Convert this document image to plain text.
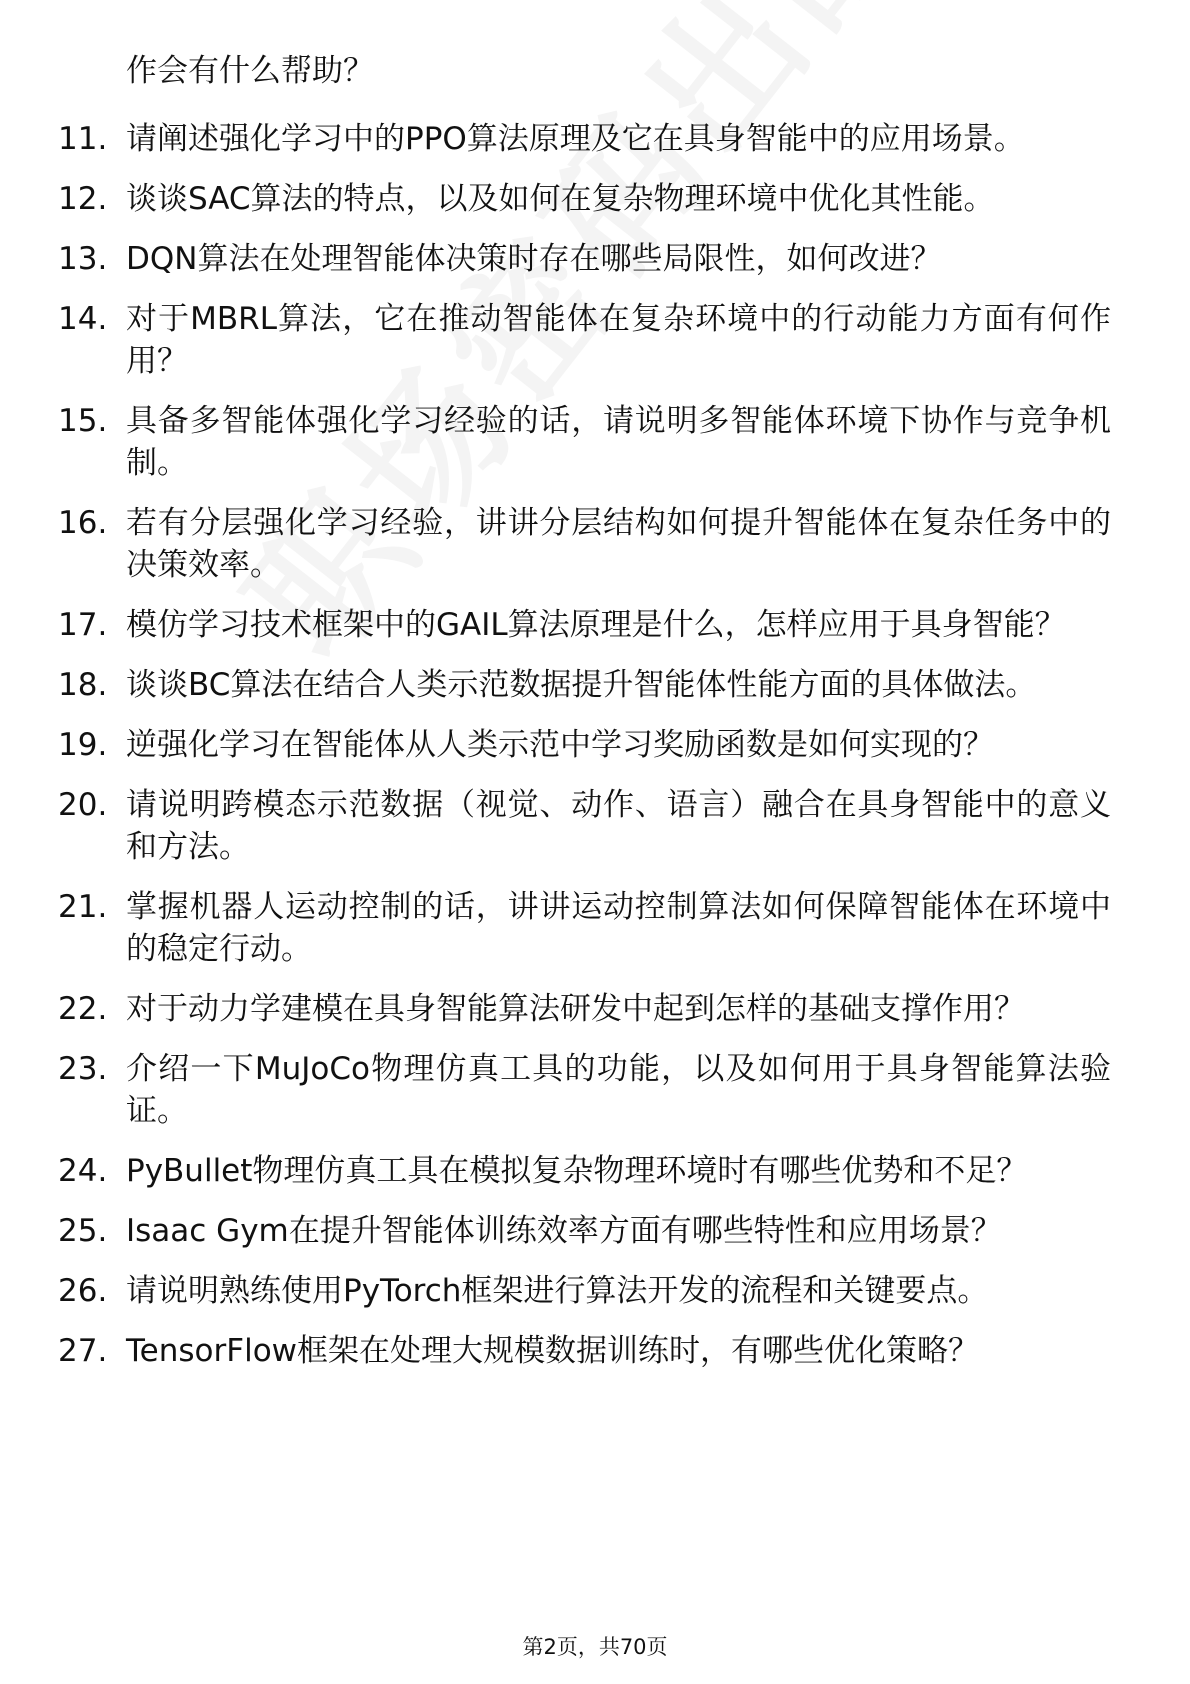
作会有什么帮助？
11. 请阐述强化学习中的PPO算法原理及它在具身智能中的应用场景。
12. 谈谈SAC算法的特点，以及如何在复杂物理环境中优化其性能。
13. DQN算法在处理智能体决策时存在哪些局限性，如何改进？
14. 对于MBRL算法，它在推动智能体在复杂环境中的行动能力方面有何作用？
15. 具备多智能体强化学习经验的话，请说明多智能体环境下协作与竞争机制。
16. 若有分层强化学习经验，讲讲分层结构如何提升智能体在复杂任务中的决策效率。
17. 模仿学习技术框架中的GAIL算法原理是什么，怎样应用于具身智能？
18. 谈谈BC算法在结合人类示范数据提升智能体性能方面的具体做法。
19. 逆强化学习在智能体从人类示范中学习奖励函数是如何实现的？
20. 请说明跨模态示范数据（视觉、动作、语言）融合在具身智能中的意义和方法。
21. 掌握机器人运动控制的话，讲讲运动控制算法如何保障智能体在环境中的稳定行动。
22. 对于动力学建模在具身智能算法研发中起到怎样的基础支撑作用？
23. 介绍一下MuJoCo物理仿真工具的功能，以及如何用于具身智能算法验证。
24. PyBullet物理仿真工具在模拟复杂物理环境时有哪些优势和不足？
25. Isaac Gym在提升智能体训练效率方面有哪些特性和应用场景？
26. 请说明熟练使用PyTorch框架进行算法开发的流程和关键要点。
27. TensorFlow框架在处理大规模数据训练时，有哪些优化策略？
第2页，共70页
